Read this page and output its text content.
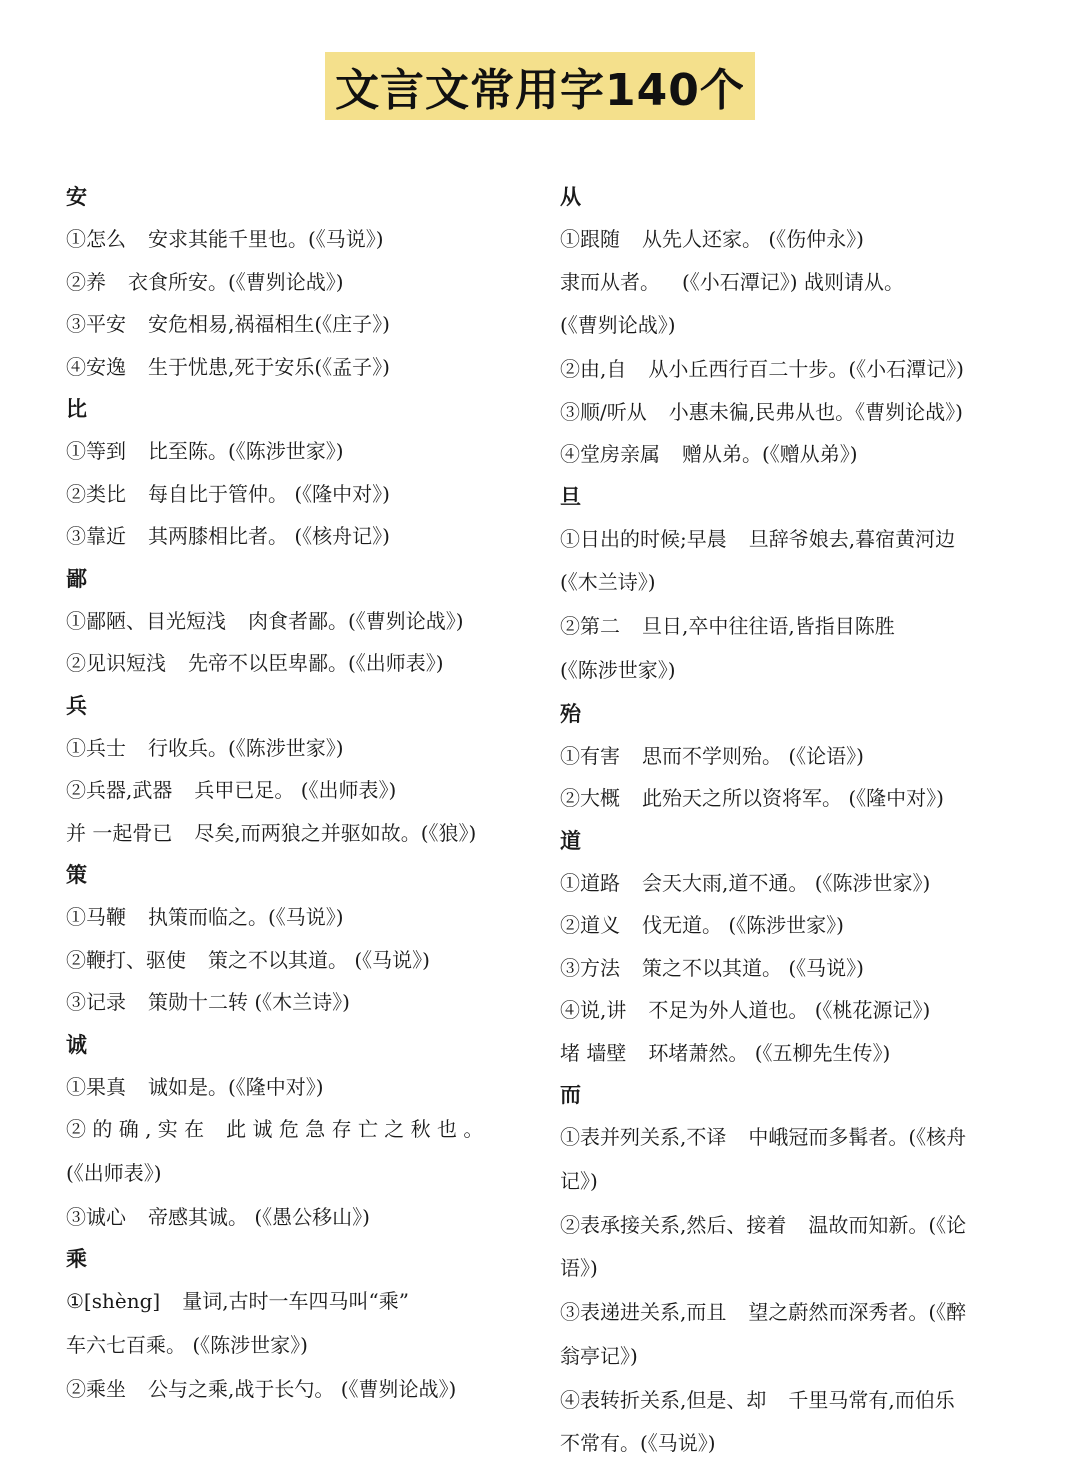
文言文常用字140个
安
①怎么 安求其能千里也。(《马说》)
②养 衣食所安。(《曹刿论战》)
③平安 安危相易,祸福相生(《庄子》)
④安逸 生于忧患,死于安乐(《孟子》)
比
①等到 比至陈。(《陈涉世家》)
②类比 每自比于管仲。 (《隆中对》)
③靠近 其两膝相比者。 (《核舟记》)
鄙
①鄙陋、目光短浅 肉食者鄙。(《曹刿论战》)
②见识短浅 先帝不以臣卑鄙。(《出师表》)
兵
①兵士 行收兵。(《陈涉世家》)
②兵器,武器 兵甲已足。 (《出师表》)
并 一起骨已 尽矣,而两狼之并驱如故。(《狼》)
策
①马鞭 执策而临之。(《马说》)
②鞭打、驱使 策之不以其道。 (《马说》)
③记录 策勋十二转 (《木兰诗》)
诚
①果真 诚如是。(《隆中对》)
② 的 确 , 实 在 此 诚 危 急 存 亡 之 秋 也 。
(《出师表》)
③诚心 帝感其诚。 (《愚公移山》)
乘
①[shèng] 量词,古时一车四马叫“乘”
车六七百乘。 (《陈涉世家》)
②乘坐 公与之乘,战于长勺。 (《曹刿论战》)
从
①跟随 从先人还家。 (《伤仲永》)
隶而从者。 (《小石潭记》) 战则请从。
(《曹刿论战》)
②由,自 从小丘西行百二十步。(《小石潭记》)
③顺/听从 小惠未徧,民弗从也。《曹刿论战》)
④堂房亲属 赠从弟。(《赠从弟》)
旦
①日出的时候;早晨 旦辞爷娘去,暮宿黄河边
(《木兰诗》)
②第二 旦日,卒中往往语,皆指目陈胜
(《陈涉世家》)
殆
①有害 思而不学则殆。 (《论语》)
②大概 此殆天之所以资将军。 (《隆中对》)
道
①道路 会天大雨,道不通。 (《陈涉世家》)
②道义 伐无道。 (《陈涉世家》)
③方法 策之不以其道。 (《马说》)
④说,讲 不足为外人道也。 (《桃花源记》)
堵 墙壁 环堵萧然。 (《五柳先生传》)
而
①表并列关系,不译 中峨冠而多髯者。(《核舟
记》)
②表承接关系,然后、接着 温故而知新。(《论
语》)
③表递进关系,而且 望之蔚然而深秀者。(《醉
翁亭记》)
④表转折关系,但是、却 千里马常有,而伯乐
不常有。(《马说》)
